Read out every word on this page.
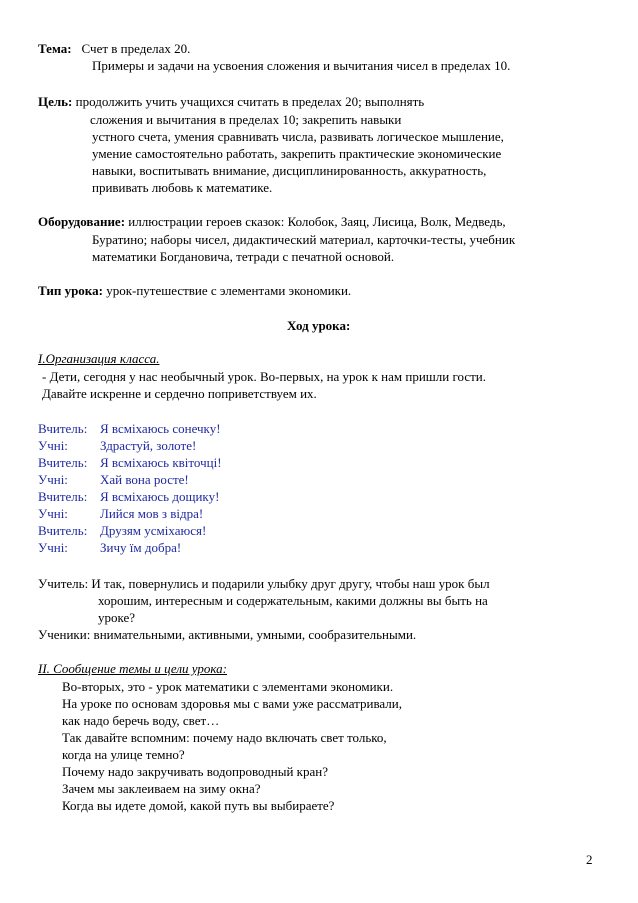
Тема: Счет в пределах 20.
Примеры и задачи на усвоения сложения и вычитания чисел в пределах 10.
Цель: продолжить учить учащихся считать в пределах 20; выполнять
сложения и вычитания в пределах 10; закрепить навыки
устного счета, умения сравнивать числа, развивать логическое мышление,
умение самостоятельно работать, закрепить практические экономические
навыки, воспитывать внимание, дисциплинированность, аккуратность,
прививать любовь к математике.
Оборудование: иллюстрации героев сказок: Колобок, Заяц, Лисица, Волк, Медведь,
Буратино; наборы чисел, дидактический материал, карточки-тесты, учебник
математики Богдановича, тетради с печатной основой.
Тип урока: урок-путешествие с элементами экономики.
Ход урока:
I.Организация класса.
- Дети, сегодня у нас необычный урок. Во-первых, на урок к нам пришли гости.
Давайте искренне и сердечно поприветствуем их.
Вчитель: Я всміхаюсь сонечку!
Учні: Здрастуй, золоте!
Вчитель: Я всміхаюсь квіточці!
Учні: Хай вона росте!
Вчитель: Я всміхаюсь дощику!
Учні: Лийся мов з відра!
Вчитель: Друзям усміхаюся!
Учні: Зичу їм добра!
Учитель: И так, повернулись и подарили улыбку друг другу, чтобы наш урок был
хорошим, интересным и содержательным, какими должны вы быть на
уроке?
Ученики: внимательными, активными, умными, сообразительными.
II. Сообщение темы и цели урока:
Во-вторых, это - урок математики с элементами экономики.
На уроке по основам здоровья мы с вами уже рассматривали,
как надо беречь воду, свет…
Так давайте вспомним: почему надо включать свет только,
когда на улице темно?
Почему надо закручивать водопроводный кран?
Зачем мы заклеиваем на зиму окна?
Когда вы идете домой, какой путь вы выбираете?
2
